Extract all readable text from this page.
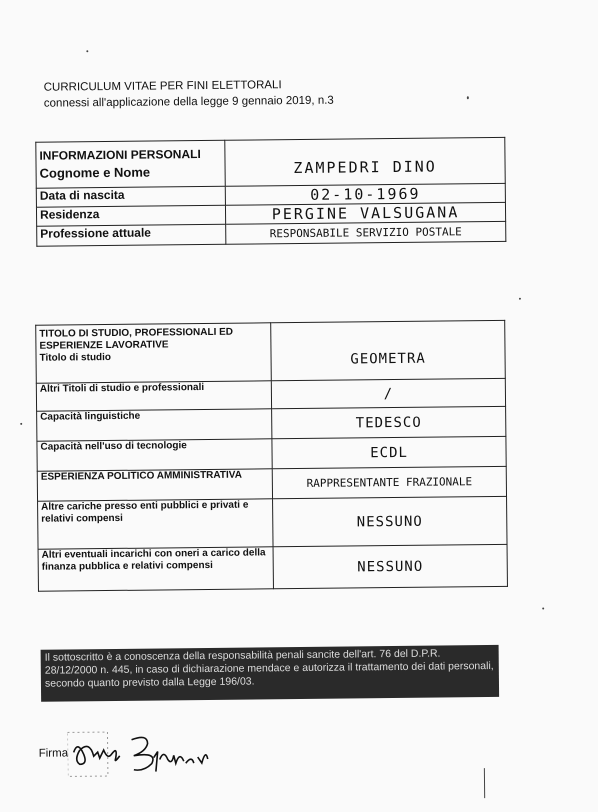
CURRICULUM VITAE PER FINI ELETTORALI
connessi all'applicazione della legge 9 gennaio 2019, n.3
INFORMAZIONI PERSONALI
Cognome e Nome	ZAMPEDRI DINO
Data di nascita	02-10-1969
Residenza	PERGINE VALSUGANA
Professione attuale	RESPONSABILE SERVIZIO POSTALE
TITOLO DI STUDIO, PROFESSIONALI ED ESPERIENZE LAVORATIVE
Titolo di studio	GEOMETRA
Altri Titoli di studio e professionali	/
Capacità linguistiche	TEDESCO
Capacità nell'uso di tecnologie	ECDL
ESPERIENZA POLITICO AMMINISTRATIVA	RAPPRESENTANTE FRAZIONALE
Altre cariche presso enti pubblici e privati e relativi compensi	NESSUNO
Altri eventuali incarichi con oneri a carico della finanza pubblica e relativi compensi	NESSUNO
Il sottoscritto è a conoscenza della responsabilità penali sancite dell'art. 76 del D.P.R. 28/12/2000 n. 445, in caso di dichiarazione mendace e autorizza il trattamento dei dati personali, secondo quanto previsto dalla Legge 196/03.
Firma
